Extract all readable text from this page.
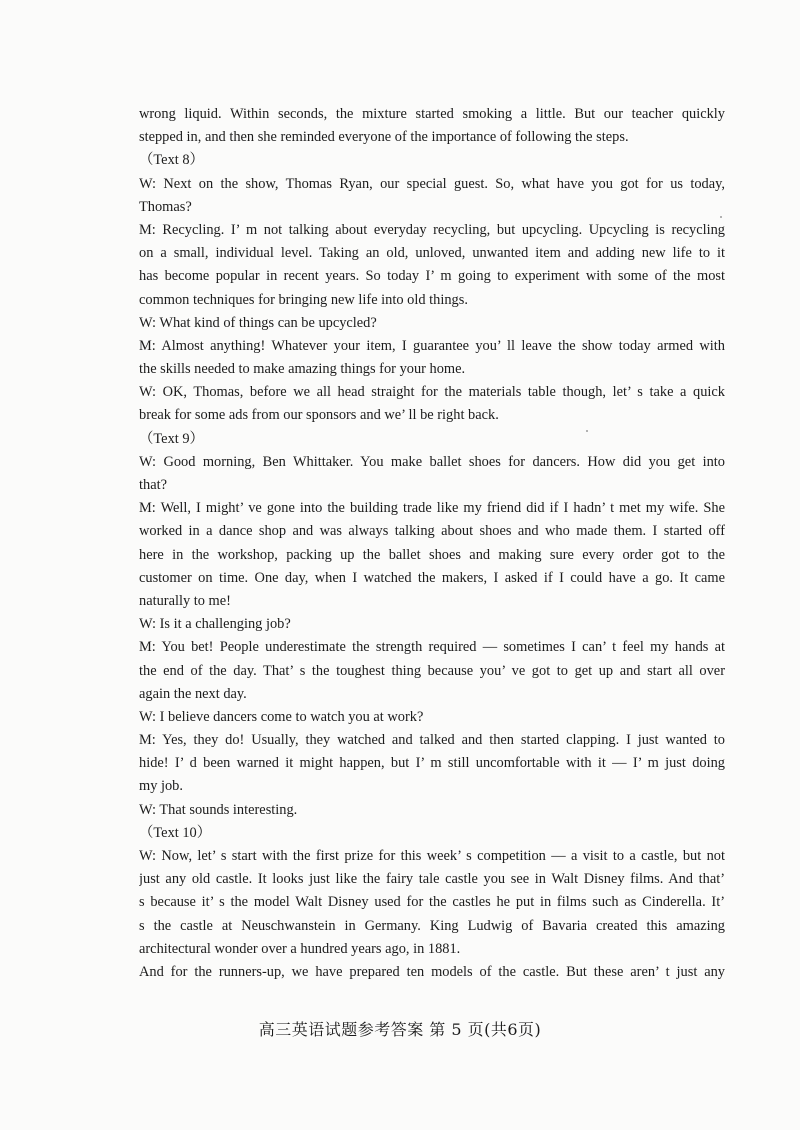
wrong liquid. Within seconds, the mixture started smoking a little. But our teacher quickly
stepped in, and then she reminded everyone of the importance of following the steps.
（Text 8）
W: Next on the show, Thomas Ryan, our special guest. So, what have you got for us today,
Thomas?
M: Recycling. I’ m not talking about everyday recycling, but upcycling. Upcycling is recycling
on a small, individual level. Taking an old, unloved, unwanted item and adding new life to it
has become popular in recent years. So today I’ m going to experiment with some of the most
common techniques for bringing new life into old things.
W: What kind of things can be upcycled?
M: Almost anything! Whatever your item, I guarantee you’ ll leave the show today armed with
the skills needed to make amazing things for your home.
W: OK, Thomas, before we all head straight for the materials table though, let’ s take a quick
break for some ads from our sponsors and we’ ll be right back.
（Text 9）
W: Good morning, Ben Whittaker. You make ballet shoes for dancers. How did you get into
that?
M: Well, I might’ ve gone into the building trade like my friend did if I hadn’ t met my wife. She
worked in a dance shop and was always talking about shoes and who made them. I started off
here in the workshop, packing up the ballet shoes and making sure every order got to the
customer on time. One day, when I watched the makers, I asked if I could have a go. It came
naturally to me!
W: Is it a challenging job?
M: You bet! People underestimate the strength required — sometimes I can’ t feel my hands at
the end of the day. That’ s the toughest thing because you’ ve got to get up and start all over
again the next day.
W: I believe dancers come to watch you at work?
M: Yes, they do! Usually, they watched and talked and then started clapping. I just wanted to
hide! I’ d been warned it might happen, but I’ m still uncomfortable with it — I’ m just doing
my job.
W: That sounds interesting.
（Text 10）
W: Now, let’ s start with the first prize for this week’ s competition — a visit to a castle, but not
just any old castle. It looks just like the fairy tale castle you see in Walt Disney films. And that’
s because it’ s the model Walt Disney used for the castles he put in films such as Cinderella. It’
s the castle at Neuschwanstein in Germany. King Ludwig of Bavaria created this amazing
architectural wonder over a hundred years ago, in 1881.
And for the runners-up, we have prepared ten models of the castle. But these aren’ t just any
高三英语试题参考答案 第 5 页(共6页)
